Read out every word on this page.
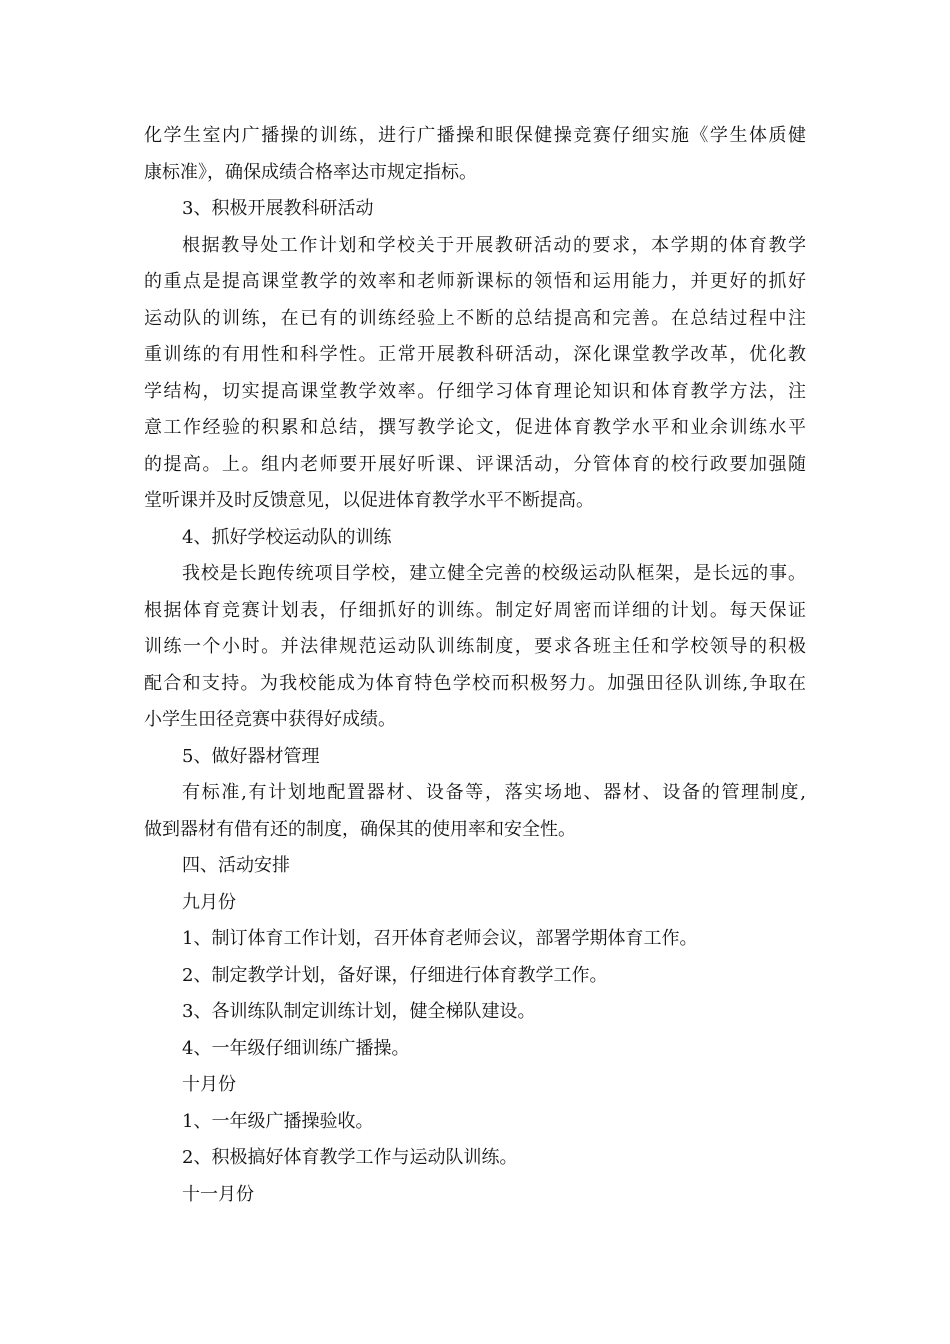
化学生室内广播操的训练，进行广播操和眼保健操竞赛仔细实施《学生体质健
康标准》，确保成绩合格率达市规定指标。
3、积极开展教科研活动
根据教导处工作计划和学校关于开展教研活动的要求，本学期的体育教学
的重点是提高课堂教学的效率和老师新课标的领悟和运用能力，并更好的抓好
运动队的训练，在已有的训练经验上不断的总结提高和完善。在总结过程中注
重训练的有用性和科学性。正常开展教科研活动，深化课堂教学改革，优化教
学结构，切实提高课堂教学效率。仔细学习体育理论知识和体育教学方法，注
意工作经验的积累和总结，撰写教学论文，促进体育教学水平和业余训练水平
的提高。上。组内老师要开展好听课、评课活动，分管体育的校行政要加强随
堂听课并及时反馈意见，以促进体育教学水平不断提高。
4、抓好学校运动队的训练
我校是长跑传统项目学校，建立健全完善的校级运动队框架，是长远的事。
根据体育竞赛计划表，仔细抓好的训练。制定好周密而详细的计划。每天保证
训练一个小时。并法律规范运动队训练制度，要求各班主任和学校领导的积极
配合和支持。为我校能成为体育特色学校而积极努力。加强田径队训练,争取在
小学生田径竞赛中获得好成绩。
5、做好器材管理
有标准,有计划地配置器材、设备等，落实场地、器材、设备的管理制度,
做到器材有借有还的制度，确保其的使用率和安全性。
四、活动安排
九月份
1、制订体育工作计划，召开体育老师会议，部署学期体育工作。
2、制定教学计划，备好课，仔细进行体育教学工作。
3、各训练队制定训练计划，健全梯队建设。
4、一年级仔细训练广播操。
十月份
1、一年级广播操验收。
2、积极搞好体育教学工作与运动队训练。
十一月份
